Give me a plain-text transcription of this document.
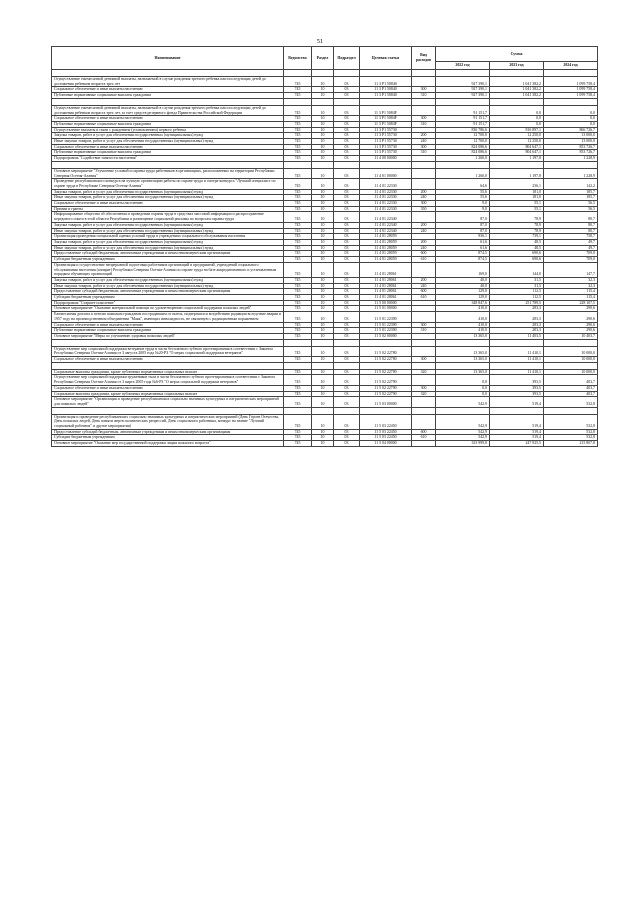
51
Наименование	Ведомство	Раздел	Подраздел	Целевая статья	Вид расходов	Сумма		
						2022 год	2023 год	2024 год

Осуществление ежемесячной денежной выплаты, назначаемой в случае рождения третьего ребенка или последующих детей до достижения ребенком возраста трех лет	745	10	03	11 3 P1 50840		927 390,1	1 041 382,2	1 099 758,4
Социальное обеспечение и иные выплаты населению	745	10	03	11 3 P1 50840	300	927 390,1	1 041 382,2	1 099 758,4
Публичные нормативные социальные выплаты гражданам	745	10	03	11 3 P1 50840	310	927 390,1	1 041 382,2	1 099 758,4

Осуществление ежемесячной денежной выплаты, назначаемой в случае рождения третьего ребенка или последующих детей до достижения ребенком возраста трех лет, за счет средств резервного фонда Правительства Российской Федерации	745	10	03	11 3 P1 5084F		91 151,7	0,0	0,0
Социальное обеспечение и иные выплаты населению	745	10	03	11 3 P1 5084F	300	91 151,7	0,0	0,0
Публичные нормативные социальные выплаты гражданам	745	10	03	11 3 P1 5084F	310	91 151,7	0,0	0,0
Осуществление выплаты в связи с рождением (усыновлением) первого ребенка	745	10	03	11 3 P1 55730		836 786,6	816 897,1	866 726,7
Закупка товаров, работ и услуг для обеспечения государственных (муниципальных) нужд	745	10	03	11 3 P1 55730	200	12 700,0	12 250,0	13 000,0
Иные закупки товаров, работ и услуг для обеспечения государственных (муниципальных) нужд	745	10	03	11 3 P1 55730	240	12 700,0	12 250,0	13 000,0
Социальное обеспечение и иные выплаты населению	745	10	03	11 3 P1 55730	300	824 086,6	804 647,1	853 726,7
Публичные нормативные социальные выплаты гражданам	745	10	03	11 3 P1 55730	310	824 086,6	804 647,1	853 726,7
Подпрограмма "Содействие занятости населения"	745	10	03	11 4 00 00000		1 260,0	1 197,8	1 228,9

Основное мероприятие "Улучшение условий и охраны труда работников в организациях, расположенных на территории Республики Северная Осетия-Алания"	745	10	03	11 4 01 00000		1 260,0	1 197,8	1 228,9
Проведение республиканского конкурса на лучшую организацию работы по охране труда и смотра-конкурса "Лучший специалист по охране труда в Республике Северная Осетия-Алания"	745	10	03	11 4 01 22330		64,6	236,1	142,2
Закупка товаров, работ и услуг для обеспечения государственных (муниципальных) нужд	745	10	03	11 4 01 22330	200	55,6	181,0	185,7
Иные закупки товаров, работ и услуг для обеспечения государственных (муниципальных) нужд	745	10	03	11 4 01 22330	240	55,6	181,0	185,7
Социальное обеспечение и иные выплаты населению	745	10	03	11 4 01 22330	300	9,0	55,1	56,5
Премии и гранты	745	10	03	11 4 01 22330	350	9,0	55,1	56,5
Информирование общества об обеспечении и проведении охраны труда в средствах массовой информации и распространение передового опыта в этой области Республики и размещение социальной рекламы по вопросам охраны труда	745	10	03	11 4 01 22340		87,0	78,9	80,7
Закупка товаров, работ и услуг для обеспечения государственных (муниципальных) нужд	745	10	03	11 4 01 22340	200	87,0	78,9	80,7
Иные закупки товаров, работ и услуг для обеспечения государственных (муниципальных) нужд	745	10	03	11 4 01 22340	240	87,0	78,9	80,7
Организация проведения специальной оценки условий труда в учреждениях социального обслуживания населения	745	10	03	11 4 01 28059		936,1	739,1	758,7
Закупка товаров, работ и услуг для обеспечения государственных (муниципальных) нужд	745	10	03	11 4 01 28059	200	61,6	48,5	49,7
Иные закупки товаров, работ и услуг для обеспечения государственных (муниципальных) нужд	745	10	03	11 4 01 28059	240	61,6	48,5	49,7
Предоставление субсидий бюджетным, автономным учреждениям и иным некоммерческим организациям	745	10	03	11 4 01 28059	600	874,5	690,6	709,0
Субсидии бюджетным учреждениям	745	10	03	11 4 01 28059	610	874,5	690,6	709,0
Организация и осуществление непрерывной подготовки работников организаций и предприятий, учреждений социального обслуживания населения (аппарат) Республики Северная Осетия-Алания по охране труда на базе аккредитованного и установленным порядком обучающих организаций	745	10	03	11 4 01 28061		169,0	144,0	147,7
Закупка товаров, работ и услуг для обеспечения государственных (муниципальных) нужд	745	10	03	11 4 01 28061	200	40,0	31,5	32,3
Иные закупки товаров, работ и услуг для обеспечения государственных (муниципальных) нужд	745	10	03	11 4 01 28061	240	40,0	31,5	32,3
Предоставление субсидий бюджетным, автономным учреждениям и иным некоммерческим организациям	745	10	03	11 4 01 28061	600	129,0	112,5	115,4
Субсидии бюджетным учреждениям	745	10	03	11 4 01 28061	610	129,0	112,5	115,4
Подпрограмма "Старшее поколение"	745	10	03	11 5 00 00000		348 847,6	251 789,5	228 107,5
Основное мероприятие "Оказание материальной помощи по удовлетворению социальной поддержки пожилых людей"	745	10	03	11 5 01 00000		410,0	283,3	290,6
Ежемесячная доплата к пенсии пожилым гражданам пострадавшим от пыток, подвергшихся воздействию радиации вследствие аварии в 1957 году на производственном объединении "Маяк", имеющих инвалидность, не связанную с радиационным поражением	745	10	03	11 5 01 22390		410,0	283,3	290,6
Социальное обеспечение и иные выплаты населению	745	10	03	11 5 01 22390	300	410,0	283,3	290,6
Публичные нормативные социальные выплаты гражданам	745	10	03	11 5 01 22390	310	410,0	283,3	290,6
Основное мероприятие "Меры по улучшению здоровья пожилых людей"	745	10	03	11 5 02 00000		13 365,0	11 403,5	10 403,7

Осуществление мер социальной поддержки ветеранов труда в части бесплатного зубного протезирования в соответствии с Законом Республики Северная Осетия-Алания от 3 августа 2005 года №20-РЗ "О мерах социальной поддержки ветеранов"	745	10	03	11 5 02 22780		13 365,0	11 410,1	10 000,0
Социальное обеспечение и иные выплаты населению	745	10	03	11 5 02 22780	300	13 365,0	11 410,1	10 000,0

Социальные выплаты гражданам, кроме публичных нормативных социальных выплат	745	10	03	11 5 02 22780	320	13 365,0	11 410,1	10 000,0
Осуществление мер социальной поддержки тружеников тыла в части бесплатного зубного протезирования в соответствии с Законом Республики Северная Осетия-Алания от 3 марта 2005 года №6-РЗ "О мерах социальной поддержки ветеранов"	745	10	03	11 5 02 22790		0,0	393,5	403,7
Социальное обеспечение и иные выплаты населению	745	10	03	11 5 02 22790	300	0,0	393,5	403,7
Социальные выплаты гражданам, кроме публичных нормативных социальных выплат	745	10	03	11 5 02 22790	320	0,0	393,5	403,7
Основное мероприятие "Организация и проведение республиканских социально значимых культурных и патриотических мероприятий для пожилых людей"	745	10	03	11 5 03 00000		542,9	519,4	532,8

Организация и проведение республиканских социально значимых культурных и патриотических мероприятий (День Героев Отечества, День пожилых людей, День памяти жертв политических репрессий, День социального работника, конкурс на звание "Лучший социальный работник" и другие мероприятия)	745	10	03	11 5 03 22450		542,9	519,4	532,8
Предоставление субсидий бюджетным, автономным учреждениям и иным некоммерческим организациям	745	10	03	11 5 03 22450	600	542,9	519,4	532,8
Субсидии бюджетным учреждениям	745	10	03	11 5 03 22450	610	542,9	519,4	532,8
Основное мероприятие "Оказание мер государственной поддержки лицам пожилого возраста"	745	10	03	11 5 04 00000		333 999,8	247 925,5	215 807,8
